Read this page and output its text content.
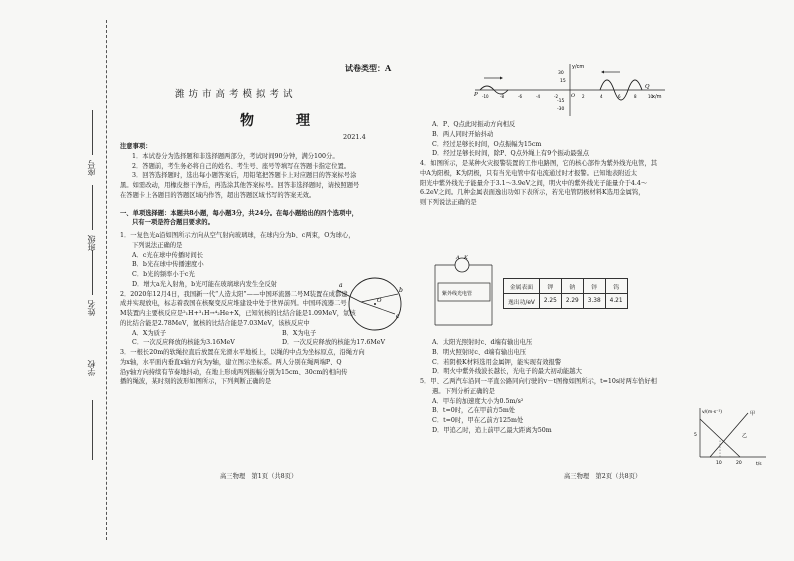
学校
姓名
班级
座号
试卷类型：A
潍坊市高考模拟考试
物　理
2021.4

注意事项：

1．本试卷分为选择题和非选择题两部分，考试时间90分钟，满分100分。

2．答题前，考生务必将自己的姓名、考生号、座号等填写在答题卡指定位置。

3．回答选择题时，选出每小题答案后，用铅笔把答题卡上对应题目的答案标号涂

黑。如需改动，用橡皮擦干净后，再选涂其他答案标号。回答非选择题时，请按照题号

在答题卡上各题目的答题区域内作答，超出答题区域书写的答案无效。

一、单项选择题：本题共8小题，每小题3分，共24分。在每小题给出的四个选项中，

只有一项是符合题目要求的。

1．一复色光a沿如图所示方向从空气射向玻璃球，在球内分为b、c两束，O为球心，

下列说法正确的是

A．c光在球中传播时间长

B．b光在球中传播速度小

C．b光的频率小于c光

D．增大a光入射角，b光可能在玻璃球内发生全反射

2．2020年12月4日，我国新一代“人造太阳”——中国环流器二号M装置在成都建

成并实现放电，标志着我国在核聚变反应堆建设中处于世界前列。中国环流器二号

M装置内主要核反应是²₁H+³₁H→⁴₂He+X，已知氘核的比结合能是1.09MeV，氚核

的比结合能是2.78MeV，氦核的比结合能是7.03MeV，该核反应中

A．X为质子	B．X为电子

C．一次反应释放的核能为3.16MeV	D．一次反应释放的核能为17.6MeV

3．一根长20m的软绳拉直后放置在光滑水平地板上，以绳的中点为坐标原点，沿绳方向

为x轴，水平面内垂直x轴方向为y轴，建立图示坐标系。两人分别在绳两端P、Q

沿y轴方向持续有节奏地抖动，在地上形成两列振幅分别为15cm、30cm的相向传

播的绳波，某时刻的波形如图所示，下列判断正确的是

a
b
c
O
y/cm
x/m
30
15
-15
-30
P
Q
O
-10	-8	-6	-4	-2	2	4	6	8	10

A．P、Q点此时振动方向相反

B．两人同时开始抖动

C．经过足够长时间，O点振幅为15cm

D．经过足够长时间，除P、Q点外绳上有9个振动最强点

4．如图所示，是某种火灾报警装置的工作电路图，它的核心部件为紫外线光电管，其

中A为阳极，K为阴极，只有当光电管中有电流通过时才报警。已知地表附近太

阳光中紫外线光子能量介于3.1～3.9eV之间，明火中的紫外线光子能量介于4.4～

6.2eV之间。几种金属表面逸出功如下表所示，若光电管阴极材料K选用金属钨，

则下列说法正确的是

紫外线光电管
A K
金属表面	钾	钠	锌	钨
逸出功/eV	2.25	2.29	3.38	4.21

A．太阳光照射时c、d端有输出电压

B．明火照射时c、d端有输出电压

C．若阴极K材料选用金属钾，能实现有效报警

D．明火中紫外线波长越长，光电子的最大初动能越大

5．甲、乙两汽车沿同一平直公路同向行驶的v－t图像如图所示，t=10s时两车恰好相

遇。下列分析正确的是

A．甲车的加速度大小为0.5m/s²

B．t=0时，乙在甲前方5m处

C．t=0时，甲在乙前方125m处

D．甲追乙时，追上前甲乙最大距离为50m

v/(m·s⁻¹)
t/s
甲
乙
5
10	20
高三物理　第1页（共8页）	高三物理　第2页（共8页）
